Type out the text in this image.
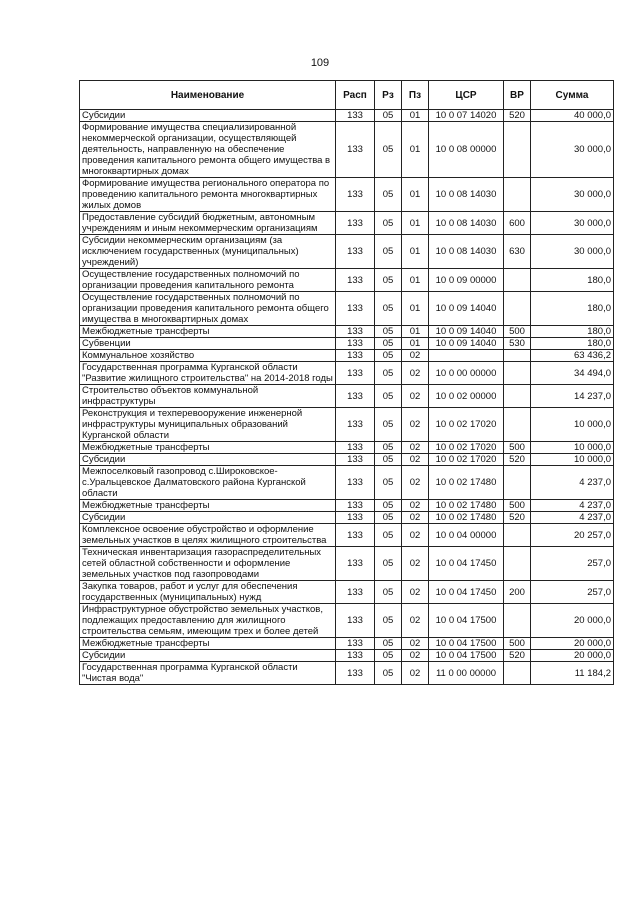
109
Наименование	Расп	Рз	Пз	ЦСР	ВР	Сумма
Субсидии	133	05	01	10 0 07 14020	520	40 000,0
Формирование имущества специализированной некоммерческой организации, осуществляющей деятельность, направленную на обеспечение проведения капитального ремонта общего имущества в многоквартирных домах	133	05	01	10 0 08 00000		30 000,0
Формирование имущества регионального оператора по проведению капитального ремонта многоквартирных жилых домов	133	05	01	10 0 08 14030		30 000,0
Предоставление субсидий бюджетным, автономным учреждениям и иным некоммерческим организациям	133	05	01	10 0 08 14030	600	30 000,0
Субсидии некоммерческим организациям (за исключением государственных (муниципальных) учреждений)	133	05	01	10 0 08 14030	630	30 000,0
Осуществление государственных полномочий по организации проведения капитального ремонта	133	05	01	10 0 09 00000		180,0
Осуществление государственных полномочий по организации проведения капитального ремонта общего имущества в многоквартирных домах	133	05	01	10 0 09 14040		180,0
Межбюджетные трансферты	133	05	01	10 0 09 14040	500	180,0
Субвенции	133	05	01	10 0 09 14040	530	180,0
Коммунальное хозяйство	133	05	02			63 436,2
Государственная программа Курганской области "Развитие жилищного строительства" на 2014-2018 годы	133	05	02	10 0 00 00000		34 494,0
Строительство объектов коммунальной инфраструктуры	133	05	02	10 0 02 00000		14 237,0
Реконструкция и техперевооружение инженерной инфраструктуры муниципальных образований Курганской области	133	05	02	10 0 02 17020		10 000,0
Межбюджетные трансферты	133	05	02	10 0 02 17020	500	10 000,0
Субсидии	133	05	02	10 0 02 17020	520	10 000,0
Межпоселковый газопровод с.Широковское-с.Уральцевское Далматовского района Курганской области	133	05	02	10 0 02 17480		4 237,0
Межбюджетные трансферты	133	05	02	10 0 02 17480	500	4 237,0
Субсидии	133	05	02	10 0 02 17480	520	4 237,0
Комплексное освоение обустройство и оформление земельных участков в целях жилищного строительства	133	05	02	10 0 04 00000		20 257,0
Техническая инвентаризация газораспределительных сетей областной собственности и оформление земельных участков под газопроводами	133	05	02	10 0 04 17450		257,0
Закупка товаров, работ и услуг для обеспечения государственных (муниципальных) нужд	133	05	02	10 0 04 17450	200	257,0
Инфраструктурное обустройство земельных участков, подлежащих предоставлению для жилищного строительства семьям, имеющим трех и более детей	133	05	02	10 0 04 17500		20 000,0
Межбюджетные трансферты	133	05	02	10 0 04 17500	500	20 000,0
Субсидии	133	05	02	10 0 04 17500	520	20 000,0
Государственная программа Курганской области "Чистая вода"	133	05	02	11 0 00 00000		11 184,2
